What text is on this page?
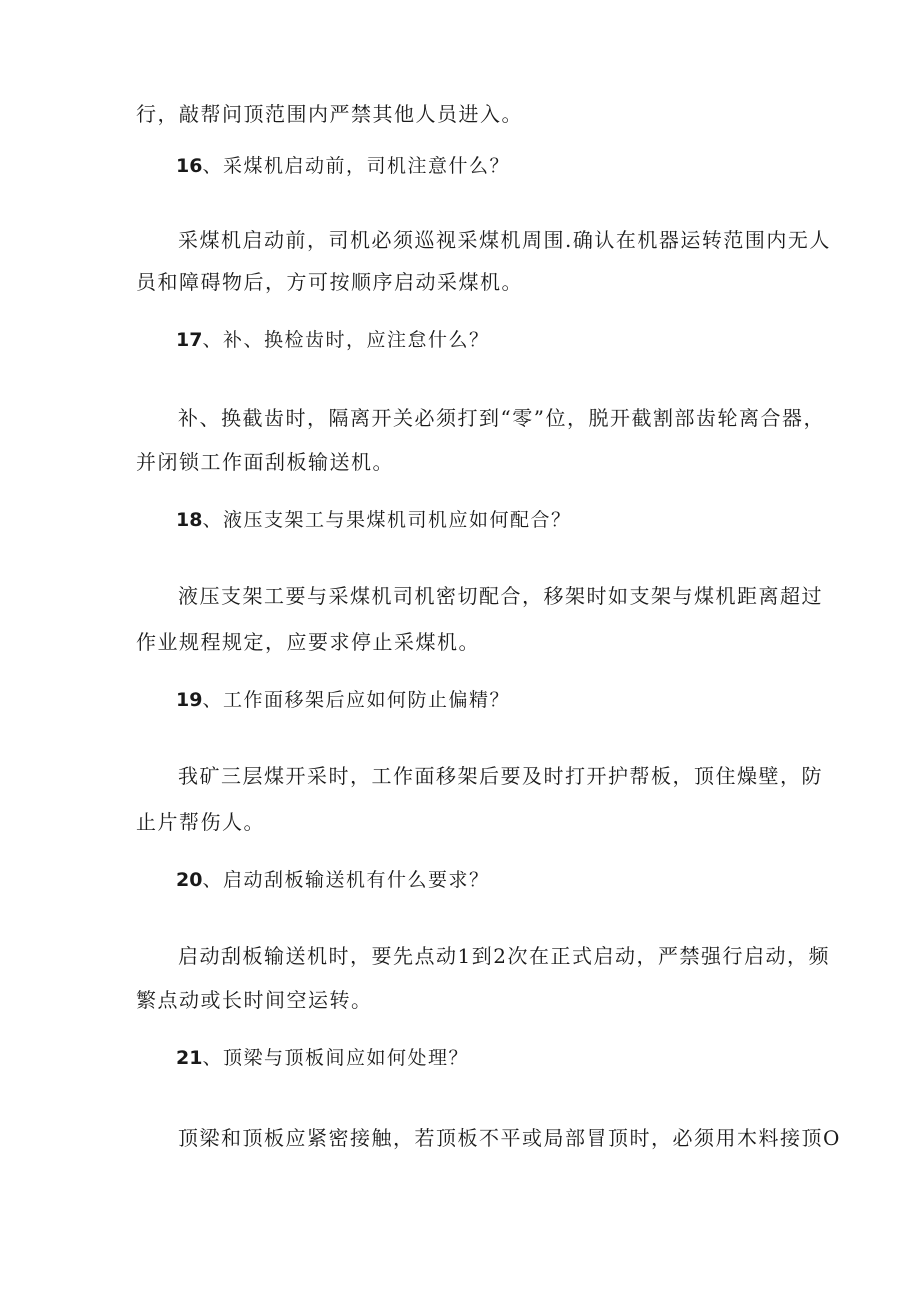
行，敲帮问顶范围内严禁其他人员进入。
16、采煤机启动前，司机注意什么？
采煤机启动前，司机必须巡视采煤机周围.确认在机器运转范围内无人
员和障碍物后，方可按顺序启动采煤机。
17、补、换检齿时，应注怠什么？
补、换截齿时，隔离开关必须打到“零”位，脱开截割部齿轮离合器，
并闭锁工作面刮板输送机。
18、液压支架工与果煤机司机应如何配合？
液压支架工要与采煤机司机密切配合，移架时如支架与煤机距离超过
作业规程规定，应要求停止采煤机。
19、工作面移架后应如何防止偏精？
我矿三层煤开采时，工作面移架后要及时打开护帮板，顶住燥壁，防
止片帮伤人。
20、启动刮板输送机有什么要求？
启动刮板输送机时，要先点动1到2次在正式启动，严禁强行启动，频
繁点动或长时间空运转。
21、顶梁与顶板间应如何处理？
顶梁和顶板应紧密接触，若顶板不平或局部冒顶时，必须用木料接顶O
